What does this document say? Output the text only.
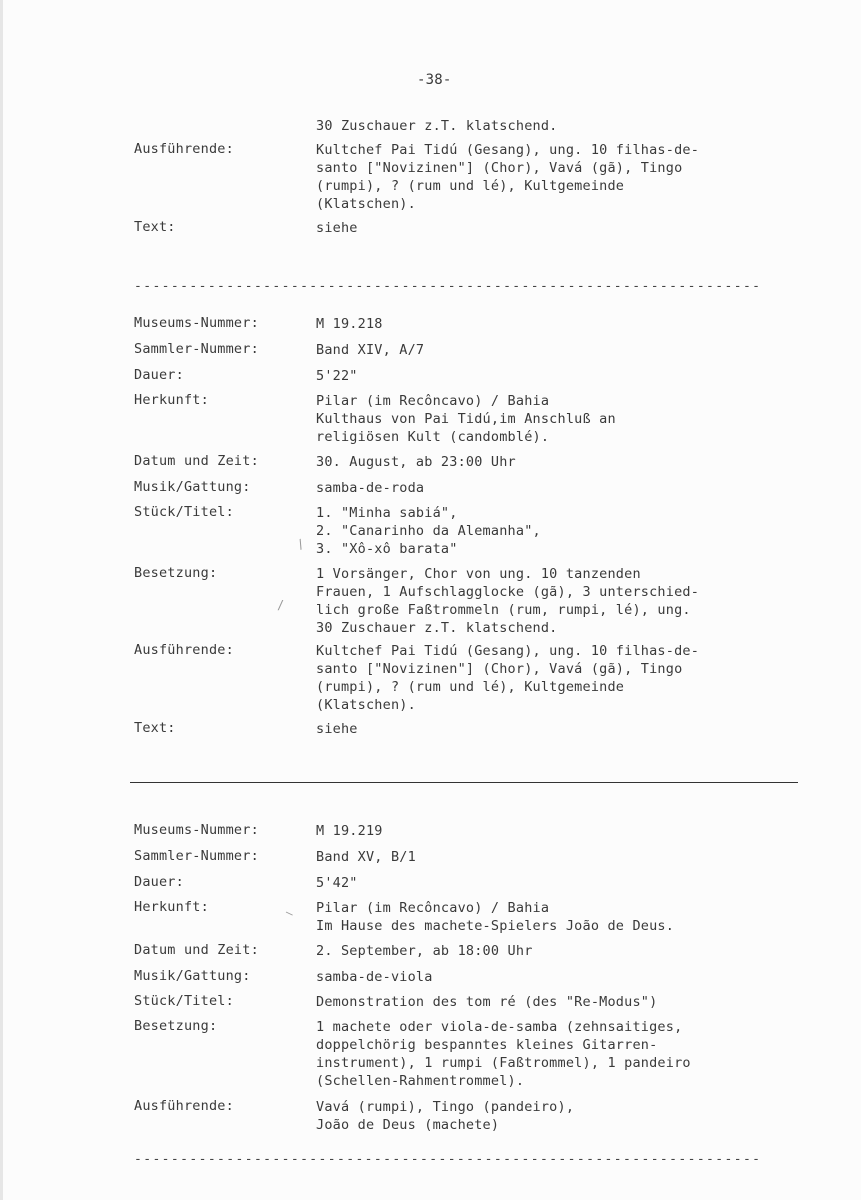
-38-
30 Zuschauer z.T. klatschend.
Ausführende:	Kultchef Pai Tidú (Gesang), ung. 10 filhas-de-
santo ["Novizinen"] (Chor), Vavá (gã), Tingo
(rumpi), ? (rum und lé), Kultgemeinde
(Klatschen).
Text:	siehe
--------------------------------------------------------------------
Museums-Nummer:	M 19.218
Sammler-Nummer:	Band XIV, A/7
Dauer:	5'22"
Herkunft:	Pilar (im Recôncavo) / Bahia
Kulthaus von Pai Tidú,im Anschluß an
religiösen Kult (candomblé).
Datum und Zeit:	30. August, ab 23:00 Uhr
Musik/Gattung:	samba-de-roda
Stück/Titel:	1. "Minha sabiá",
2. "Canarinho da Alemanha",
3. "Xô-xô barata"
Besetzung:	1 Vorsänger, Chor von ung. 10 tanzenden
Frauen, 1 Aufschlagglocke (gã), 3 unterschied-
lich große Faßtrommeln (rum, rumpi, lé), ung.
30 Zuschauer z.T. klatschend.
Ausführende:	Kultchef Pai Tidú (Gesang), ung. 10 filhas-de-
santo ["Novizinen"] (Chor), Vavá (gã), Tingo
(rumpi), ? (rum und lé), Kultgemeinde
(Klatschen).
Text:	siehe
Museums-Nummer:	M 19.219
Sammler-Nummer:	Band XV, B/1
Dauer:	5'42"
Herkunft:	Pilar (im Recôncavo) / Bahia
Im Hause des machete-Spielers João de Deus.
Datum und Zeit:	2. September, ab 18:00 Uhr
Musik/Gattung:	samba-de-viola
Stück/Titel:	Demonstration des tom ré (des "Re-Modus")
Besetzung:	1 machete oder viola-de-samba (zehnsaitiges,
doppelchörig bespanntes kleines Gitarren-
instrument), 1 rumpi (Faßtrommel), 1 pandeiro
(Schellen-Rahmentrommel).
Ausführende:	Vavá (rumpi), Tingo (pandeiro),
João de Deus (machete)
--------------------------------------------------------------------
/
/
—
